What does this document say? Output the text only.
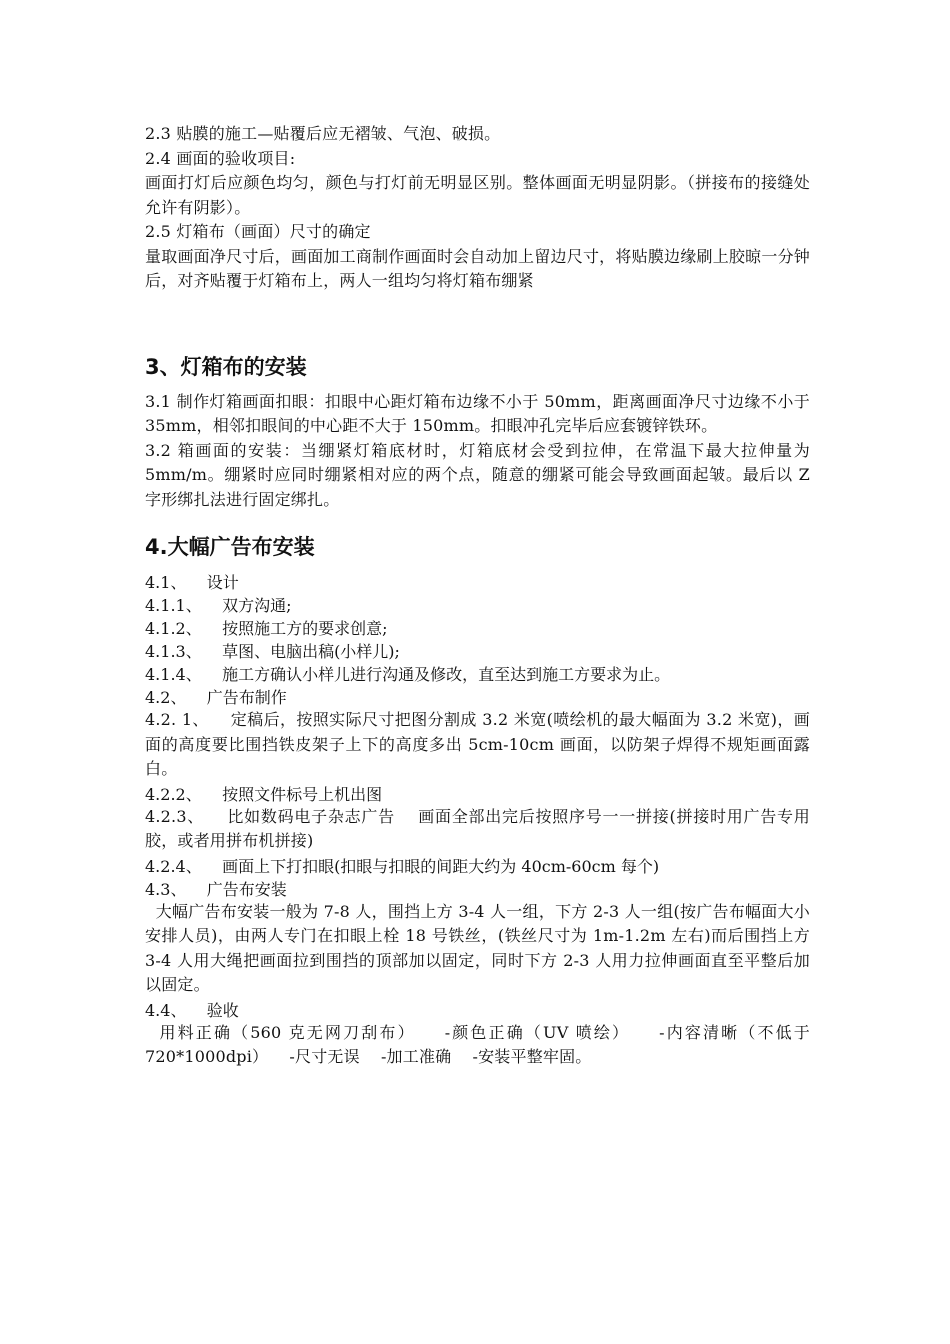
2.3 贴膜的施工—贴覆后应无褶皱、气泡、破损。

2.4 画面的验收项目:

画面打灯后应颜色均匀，颜色与打灯前无明显区别。整体画面无明显阴影。（拼接布的接缝处允许有阴影）。

2.5 灯箱布（画面）尺寸的确定

量取画面净尺寸后，画面加工商制作画面时会自动加上留边尺寸，将贴膜边缘刷上胶晾一分钟后，对齐贴覆于灯箱布上，两人一组均匀将灯箱布绷紧

3、灯箱布的安装

3.1 制作灯箱画面扣眼：扣眼中心距灯箱布边缘不小于 50mm，距离画面净尺寸边缘不小于 35mm，相邻扣眼间的中心距不大于 150mm。扣眼冲孔完毕后应套镀锌铁环。

3.2 箱画面的安装：当绷紧灯箱底材时，灯箱底材会受到拉伸，在常温下最大拉伸量为 5mm/m。绷紧时应同时绷紧相对应的两个点，随意的绷紧可能会导致画面起皱。最后以 Z 字形绑扎法进行固定绑扎。

4.大幅广告布安装
4.1、 设计
4.1.1、 双方沟通;
4.1.2、 按照施工方的要求创意;
4.1.3、 草图、电脑出稿(小样儿);
4.1.4、 施工方确认小样儿进行沟通及修改，直至达到施工方要求为止。
4.2、 广告布制作

4.2. 1、    定稿后，按照实际尺寸把图分割成 3.2 米宽(喷绘机的最大幅面为 3.2 米宽)，画面的高度要比围挡铁皮架子上下的高度多出 5cm-10cm 画面，以防架子焊得不规矩画面露白。

4.2.2、 按照文件标号上机出图

4.2.3、    比如数码电子杂志广告    画面全部出完后按照序号一一拼接(拼接时用广告专用胶，或者用拼布机拼接)

4.2.4、 画面上下打扣眼(扣眼与扣眼的间距大约为 40cm-60cm 每个)
4.3、 广告布安装

大幅广告布安装一般为 7-8 人，围挡上方 3-4 人一组，下方 2-3 人一组(按广告布幅面大小安排人员)，由两人专门在扣眼上栓 18 号铁丝，(铁丝尺寸为 1m-1.2m 左右)而后围挡上方 3-4 人用大绳把画面拉到围挡的顶部加以固定，同时下方 2-3 人用力拉伸画面直至平整后加以固定。

4.4、 验收

用料正确（560 克无网刀刮布）    -颜色正确（UV 喷绘）    -内容清晰（不低于 720*1000dpi）    -尺寸无误    -加工准确    -安装平整牢固。
